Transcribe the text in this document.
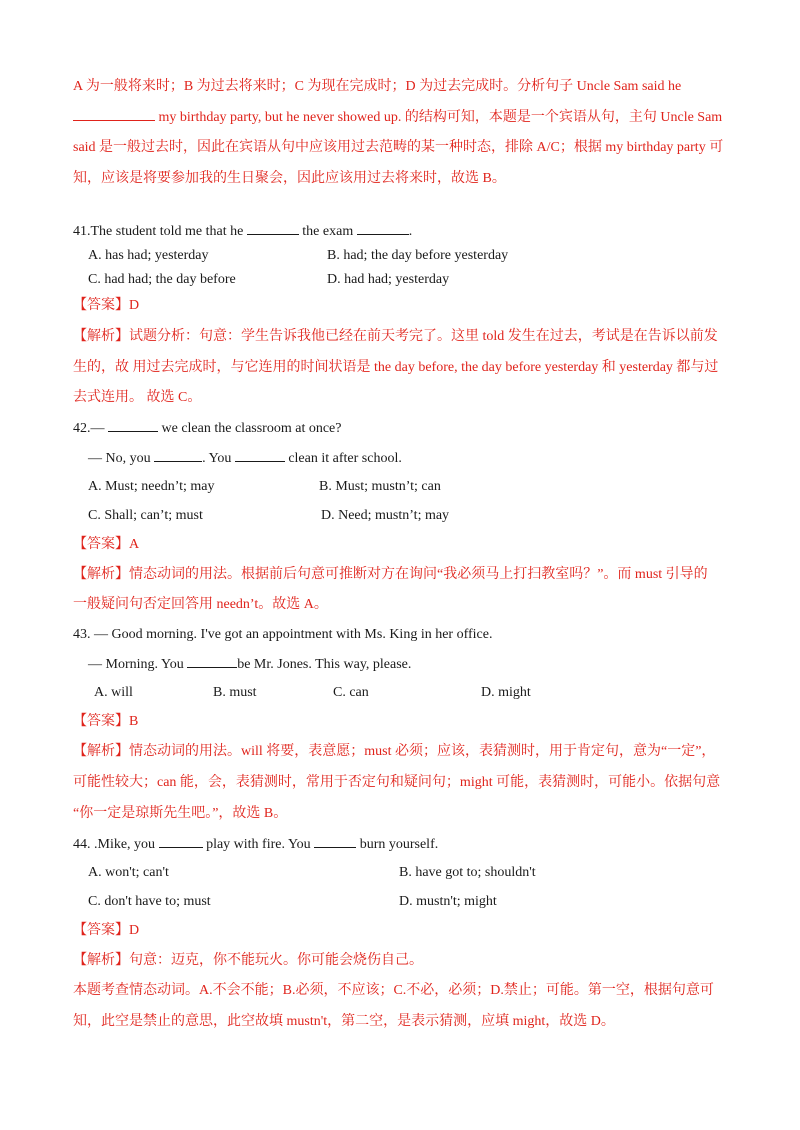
A 为一般将来时；B 为过去将来时；C 为现在完成时；D 为过去完成时。分析句子 Uncle Sam said he
my birthday party, but he never showed up. 的结构可知，本题是一个宾语从句，主句 Uncle Sam
said 是一般过去时，因此在宾语从句中应该用过去范畴的某一种时态，排除 A/C；根据 my birthday party 可
知，应该是将要参加我的生日聚会，因此应该用过去将来时，故选 B。
41.The student told me that he	the exam	.
A. has had; yesterday	B. had; the day before yesterday
C. had had; the day before	D. had had; yesterday
【答案】D
【解析】试题分析：句意：学生告诉我他已经在前天考完了。这里 told 发生在过去，考试是在告诉以前发
生的，故 用过去完成时，与它连用的时间状语是 the day before, the day before yesterday 和 yesterday 都与过
去式连用。 故选 C。
42.—	we clean the classroom at once?
— No, you	. You	clean it after school.
A. Must; needn’t; may	B. Must; mustn’t; can
C. Shall; can’t; must	D. Need; mustn’t; may
【答案】A
【解析】情态动词的用法。根据前后句意可推断对方在询问“我必须马上打扫教室吗？”。而 must 引导的
一般疑问句否定回答用 needn’t。故选 A。
43. — Good morning. I've got an appointment with Ms. King in her office.
— Morning. You	be Mr. Jones. This way, please.
A. will	B. must	C. can	D. might
【答案】B
【解析】情态动词的用法。will 将要，表意愿；must 必须；应该，表猜测时，用于肯定句，意为“一定”，
可能性较大；can 能，会，表猜测时，常用于否定句和疑问句；might 可能，表猜测时，可能小。依据句意
“你一定是琼斯先生吧。”，故选 B。
44. .Mike, you	play with fire. You	burn yourself.
A. won't; can't	B. have got to; shouldn't
C. don't have to; must	D. mustn't; might
【答案】D
【解析】句意：迈克，你不能玩火。你可能会烧伤自己。
本题考查情态动词。A.不会不能；B.必须，不应该；C.不必，必须；D.禁止；可能。第一空，根据句意可
知，此空是禁止的意思，此空故填 mustn't，第二空，是表示猜测，应填 might，故选 D。
